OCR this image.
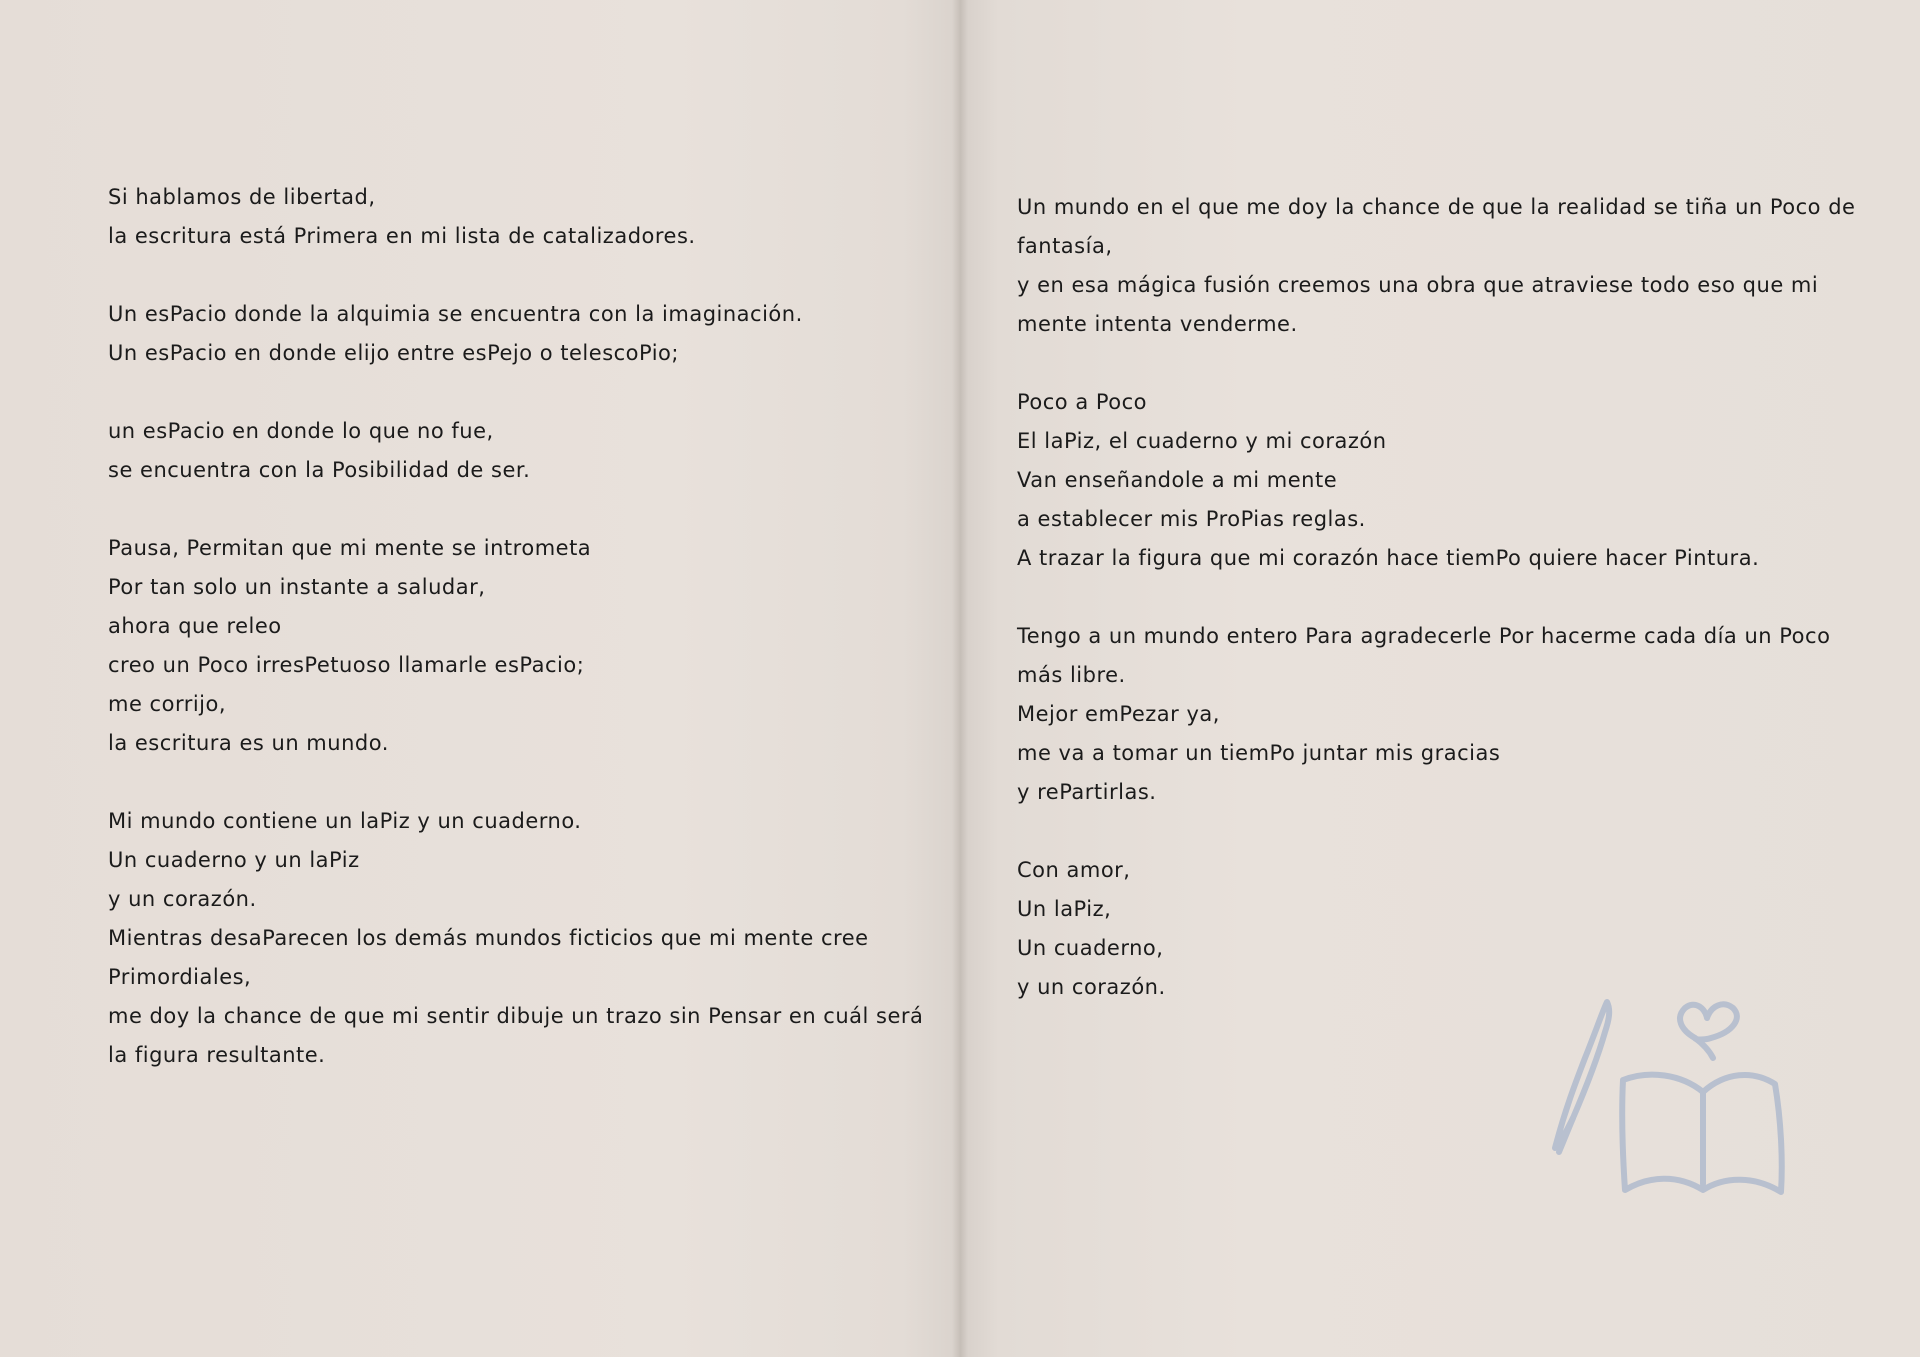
Si hablamos de libertad,
la escritura está Primera en mi lista de catalizadores.
Un esPacio donde la alquimia se encuentra con la imaginación.
Un esPacio en donde elijo entre esPejo o telescoPio;
un esPacio en donde lo que no fue,
se encuentra con la Posibilidad de ser.
Pausa, Permitan que mi mente se intrometa
Por tan solo un instante a saludar,
ahora que releo
creo un Poco irresPetuoso llamarle esPacio;
me corrijo,
la escritura es un mundo.
Mi mundo contiene un laPiz y un cuaderno.
Un cuaderno y un laPiz
y un corazón.
Mientras desaParecen los demás mundos ficticios que mi mente cree
Primordiales,
me doy la chance de que mi sentir dibuje un trazo sin Pensar en cuál será
la figura resultante.
Un mundo en el que me doy la chance de que la realidad se tiña un Poco de
fantasía,
y en esa mágica fusión creemos una obra que atraviese todo eso que mi
mente intenta venderme.
Poco a Poco
El laPiz, el cuaderno y mi corazón
Van enseñandole a mi mente
a establecer mis ProPias reglas.
A trazar la figura que mi corazón hace tiemPo quiere hacer Pintura.
Tengo a un mundo entero Para agradecerle Por hacerme cada día un Poco
más libre.
Mejor emPezar ya,
me va a tomar un tiemPo juntar mis gracias
y rePartirlas.
Con amor,
Un laPiz,
Un cuaderno,
y un corazón.
